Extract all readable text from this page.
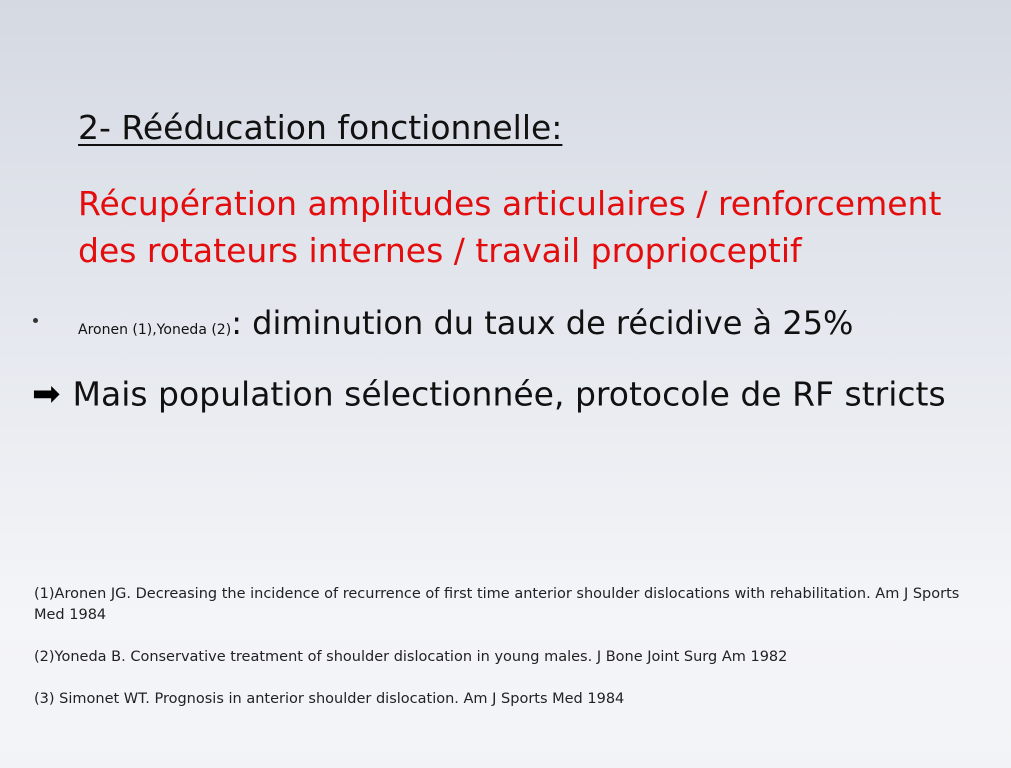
2- Rééducation fonctionnelle:
Récupération amplitudes articulaires / renforcement des rotateurs internes / travail proprioceptif
Aronen (1),Yoneda (2): diminution du taux de récidive à 25%
➡ Mais population sélectionnée, protocole de RF stricts
(1)Aronen JG. Decreasing the incidence of recurrence of first time anterior shoulder dislocations with rehabilitation. Am J Sports Med 1984
(2)Yoneda B. Conservative treatment of shoulder dislocation in young males. J Bone Joint Surg Am 1982
(3) Simonet WT. Prognosis in anterior shoulder dislocation. Am J Sports Med 1984
